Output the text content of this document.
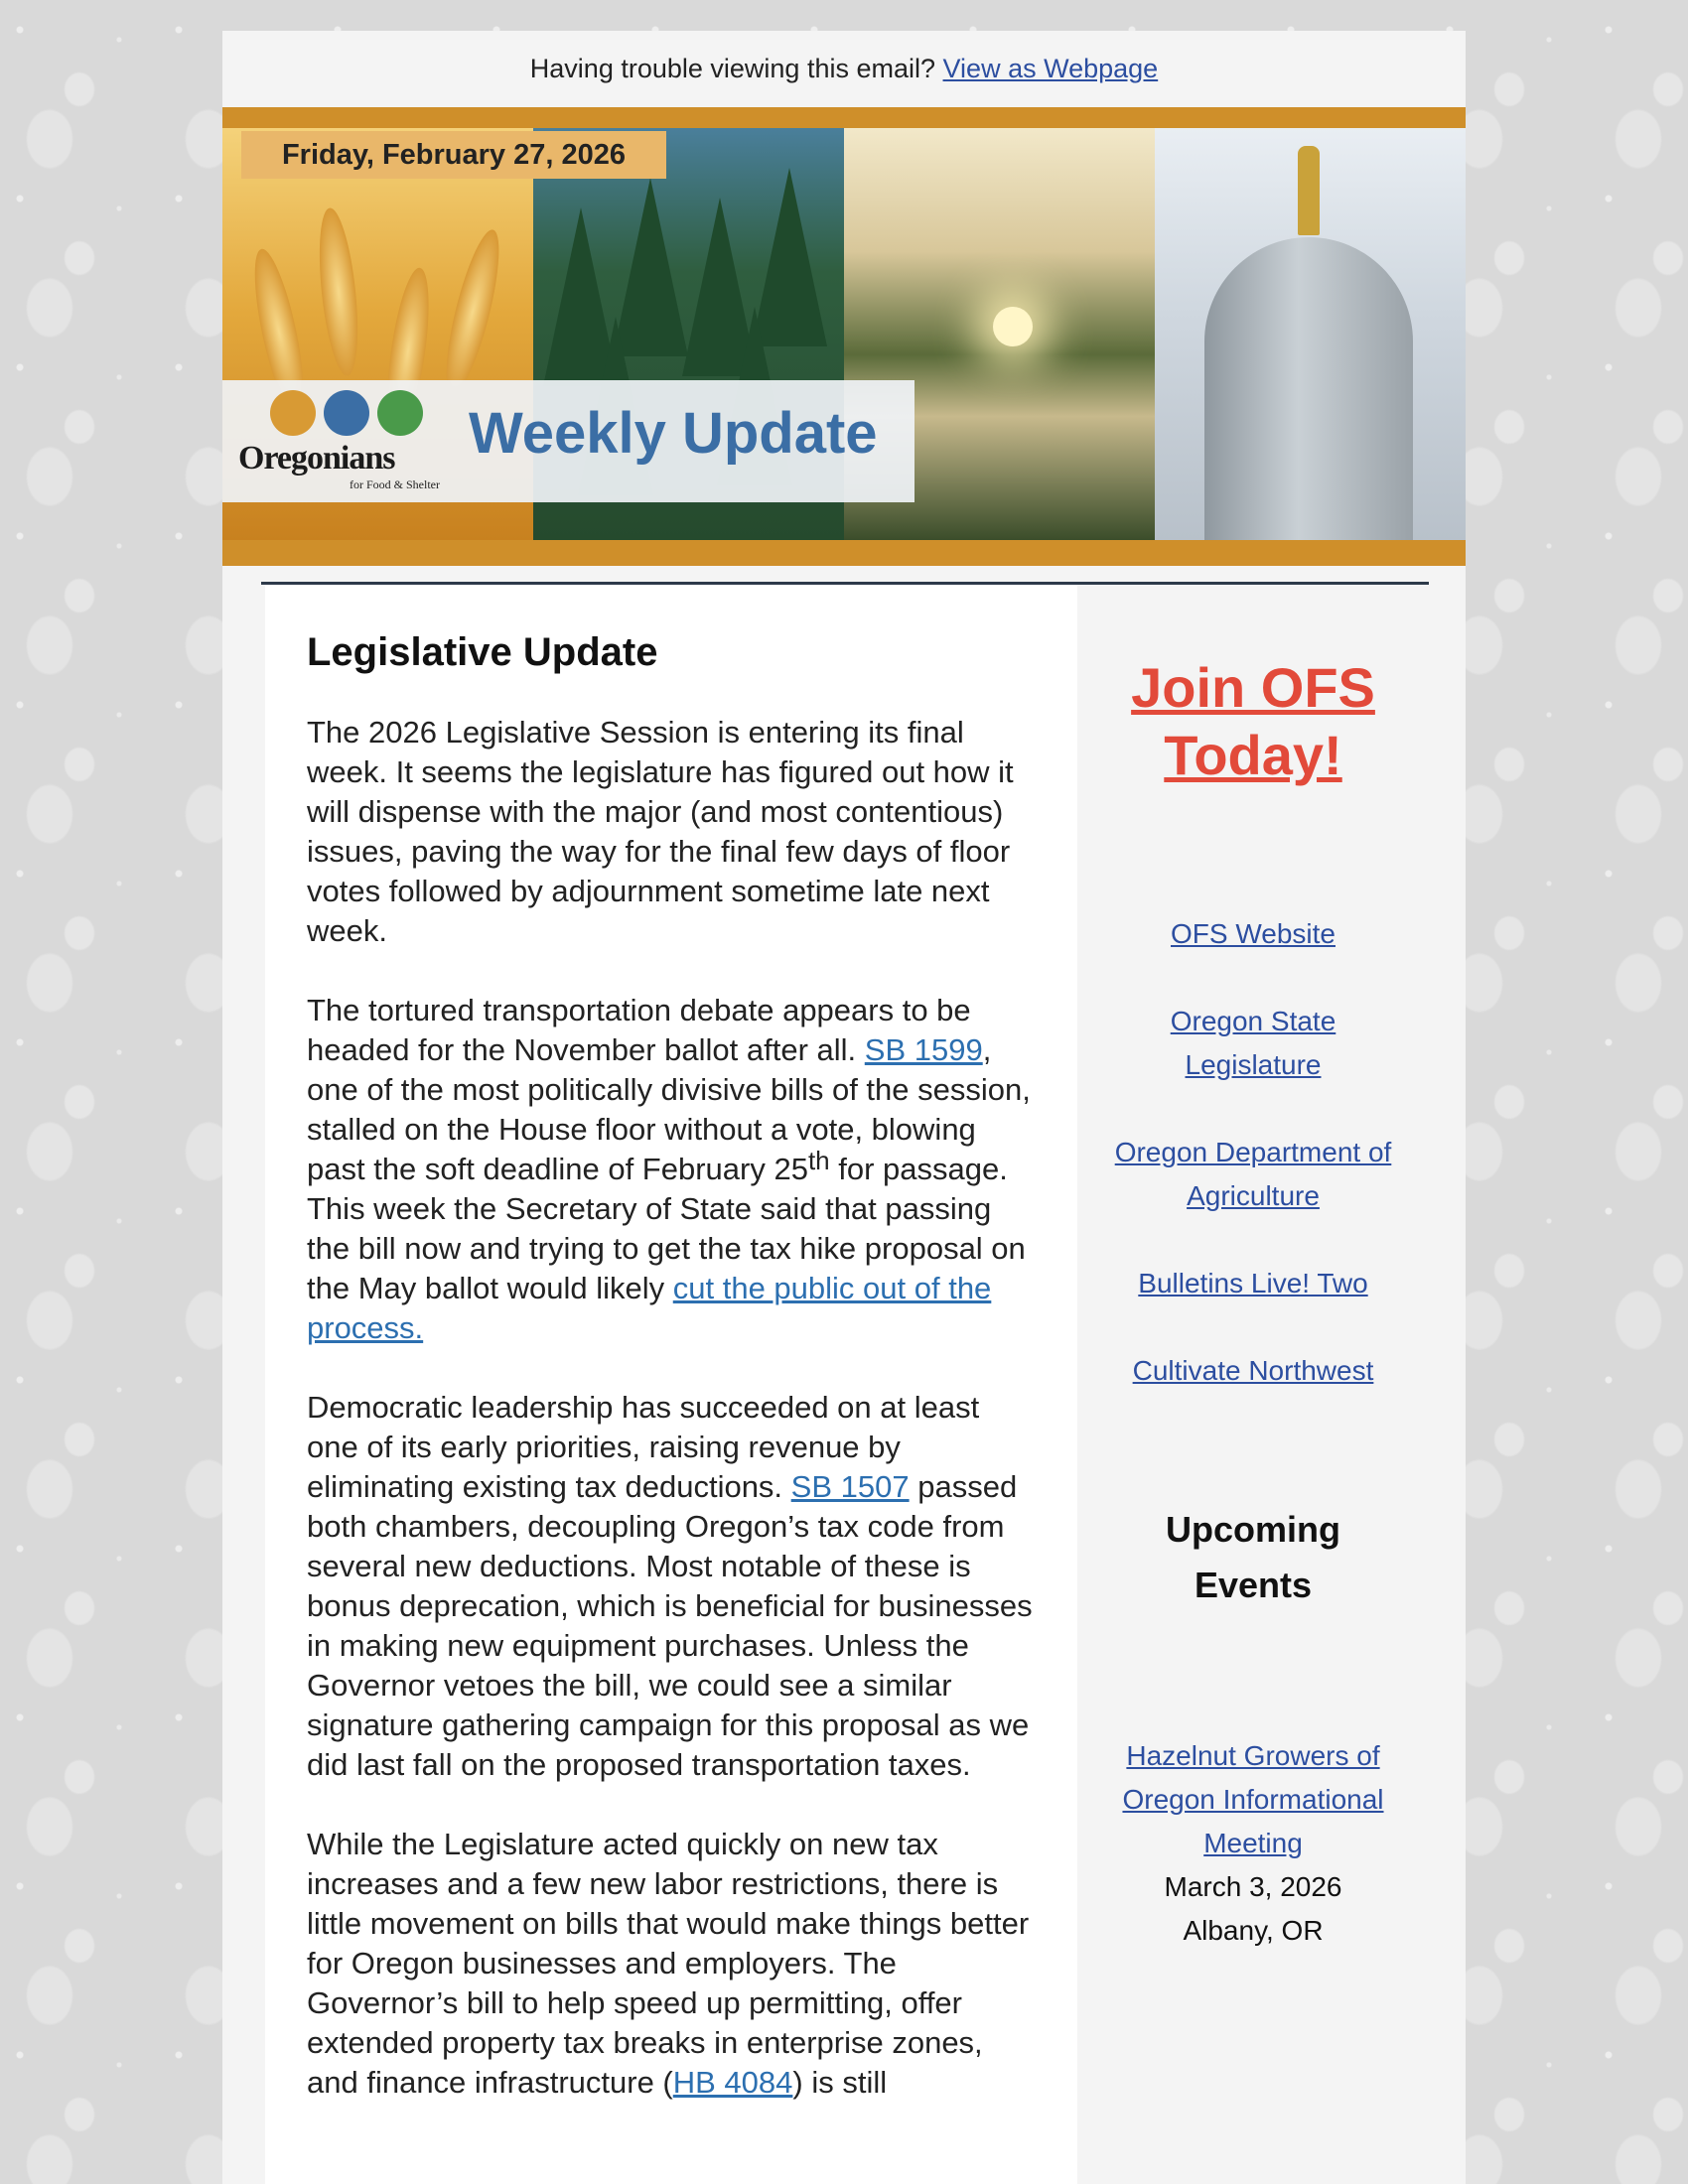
Having trouble viewing this email? View as Webpage
Friday, February 27, 2026
Oregonians
for Food & Shelter
Weekly Update
Legislative Update

The 2026 Legislative Session is entering its final week. It seems the legislature has figured out how it will dispense with the major (and most contentious) issues, paving the way for the final few days of floor votes followed by adjournment sometime late next week.

The tortured transportation debate appears to be headed for the November ballot after all. SB 1599, one of the most politically divisive bills of the session, stalled on the House floor without a vote, blowing past the soft deadline of February 25th for passage. This week the Secretary of State said that passing the bill now and trying to get the tax hike proposal on the May ballot would likely cut the public out of the process.

Democratic leadership has succeeded on at least one of its early priorities, raising revenue by eliminating existing tax deductions. SB 1507 passed both chambers, decoupling Oregon’s tax code from several new deductions. Most notable of these is bonus deprecation, which is beneficial for businesses in making new equipment purchases. Unless the Governor vetoes the bill, we could see a similar signature gathering campaign for this proposal as we did last fall on the proposed transportation taxes.

While the Legislature acted quickly on new tax increases and a few new labor restrictions, there is little movement on bills that would make things better for Oregon businesses and employers. The Governor’s bill to help speed up permitting, offer extended property tax breaks in enterprise zones, and finance infrastructure (HB 4084) is still

Join OFS Today!
OFS Website
Oregon State Legislature
Oregon Department of Agriculture
Bulletins Live! Two
Cultivate Northwest
Upcoming Events
Hazelnut Growers of Oregon Informational Meeting
March 3, 2026
Albany, OR
